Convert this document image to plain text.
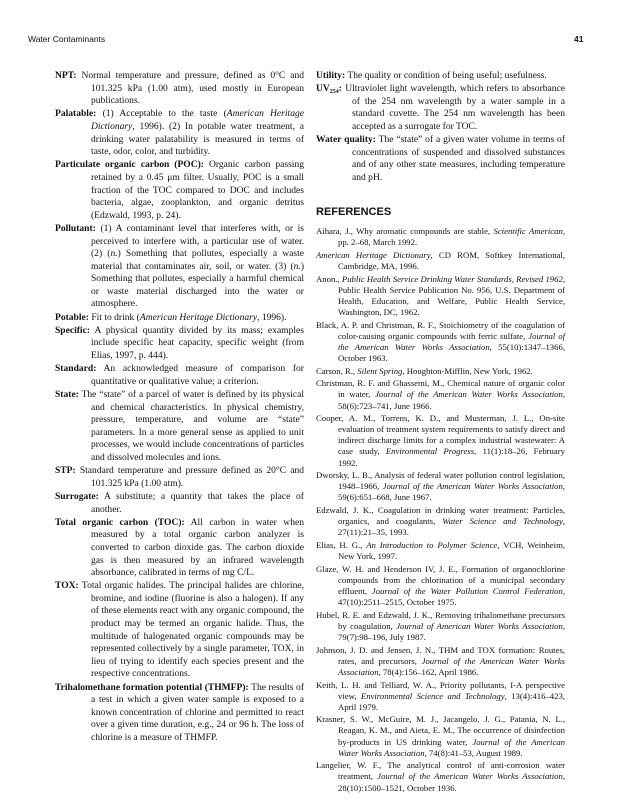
Water Contaminants	41
NPT: Normal temperature and pressure, defined as 0°C and 101.325 kPa (1.00 atm), used mostly in European publications.
Palatable: (1) Acceptable to the taste (American Heritage Dictionary, 1996). (2) In potable water treatment, a drinking water palatability is measured in terms of taste, odor, color, and turbidity.
Particulate organic carbon (POC): Organic carbon passing retained by a 0.45 μm filter. Usually, POC is a small fraction of the TOC compared to DOC and includes bacteria, algae, zooplankton, and organic detritus (Edzwald, 1993, p. 24).
Pollutant: (1) A contaminant level that interferes with, or is perceived to interfere with, a particular use of water. (2) (n.) Something that pollutes, especially a waste material that contaminates air, soil, or water. (3) (n.) Something that pollutes, especially a harmful chemical or waste material discharged into the water or atmosphere.
Potable: Fit to drink (American Heritage Dictionary, 1996).
Specific: A physical quantity divided by its mass; examples include specific heat capacity, specific weight (from Elias, 1997, p. 444).
Standard: An acknowledged measure of comparison for quantitative or qualitative value; a criterion.
State: The “state” of a parcel of water is defined by its physical and chemical characteristics. In physical chemistry, pressure, temperature, and volume are “state” parameters. In a more general sense as applied to unit processes, we would include concentrations of particles and dissolved molecules and ions.
STP: Standard temperature and pressure defined as 20°C and 101.325 kPa (1.00 atm).
Surrogate: A substitute; a quantity that takes the place of another.
Total organic carbon (TOC): All carbon in water when measured by a total organic carbon analyzer is converted to carbon dioxide gas. The carbon dioxide gas is then measured by an infrared wavelength absorbance, calibrated in terms of mg C/L.
TOX: Total organic halides. The principal halides are chlorine, bromine, and iodine (fluorine is also a halogen). If any of these elements react with any organic compound, the product may be termed an organic halide. Thus, the multitude of halogenated organic compounds may be represented collectively by a single parameter, TOX, in lieu of trying to identify each species present and the respective concentrations.
Trihalomethane formation potential (THMFP): The results of a test in which a given water sample is exposed to a known concentration of chlorine and permitted to react over a given time duration, e.g., 24 or 96 h. The loss of chlorine is a measure of THMFP.
Utility: The quality or condition of being useful; usefulness.
$UV_{254}$: Ultraviolet light wavelength, which refers to absorbance of the 254 nm wavelength by a water sample in a standard cuvette. The 254 nm wavelength has been accepted as a surrogate for TOC.
Water quality: The “state” of a given water volume in terms of concentrations of suspended and dissolved substances and of any other state measures, including temperature and pH.
REFERENCES
Aihara, J., Why aromatic compounds are stable, Scientific American, pp. 2–68, March 1992.
American Heritage Dictionary, CD ROM, Softkey International, Cambridge, MA, 1996.
Anon., Public Health Service Drinking Water Standards, Revised 1962, Public Health Service Publication No. 956, U.S. Department of Health, Education, and Welfare, Public Health Service, Washington, DC, 1962.
Black, A. P. and Christman, R. F., Stoichiometry of the coagulation of color-causing organic compounds with ferric sulfate, Journal of the American Water Works Association, 55(10):1347–1366, October 1963.
Carson, R., Silent Spring, Houghton-Mifflin, New York, 1962.
Christman, R. F. and Ghassemi, M., Chemical nature of organic color in water, Journal of the American Water Works Association, 58(6):723–741, June 1966.
Cooper, A. M., Torrens, K. D., and Musterman, J. L., On-site evaluation of treatment system requirements to satisfy direct and indirect discharge limits for a complex industrial wastewater: A case study, Environmental Progress, 11(1):18–26, February 1992.
Dworsky, L. B., Analysis of federal water pollution control legislation, 1948–1966, Journal of the American Water Works Association, 59(6):651–668, June 1967.
Edzwald, J. K., Coagulation in drinking water treatment: Particles, organics, and coagulants, Water Science and Technology, 27(11):21–35, 1993.
Elias, H. G., An Introduction to Polymer Science, VCH, Weinheim, New York, 1997.
Glaze, W. H. and Henderson IV, J. E., Formation of organochlorine compounds from the chlorination of a municipal secondary effluent, Journal of the Water Pollution Control Federation, 47(10):2511–2515, October 1975.
Hubel, R. E. and Edzwald, J. K., Removing trihalomethane precursors by coagulation, Journal of American Water Works Association, 79(7):98–196, July 1987.
Johnson, J. D. and Jensen, J. N., THM and TOX formation: Routes, rates, and precursors, Journal of the American Water Works Association, 78(4):156–162, April 1986.
Keith, L. H. and Telliard, W. A., Priority pollutants, I-A perspective view, Environmental Science and Technology, 13(4):416–423, April 1979.
Krasner, S. W., McGuire, M. J., Jacangelo, J. G., Patania, N. L., Reagan, K. M., and Aieta, E. M., The occurrence of disinfection by-products in US drinking water, Journal of the American Water Works Association, 74(8):41–53, August 1989.
Langelier, W. F., The analytical control of anti-corrosion water treatment, Journal of the American Water Works Association, 28(10):1500–1521, October 1936.
